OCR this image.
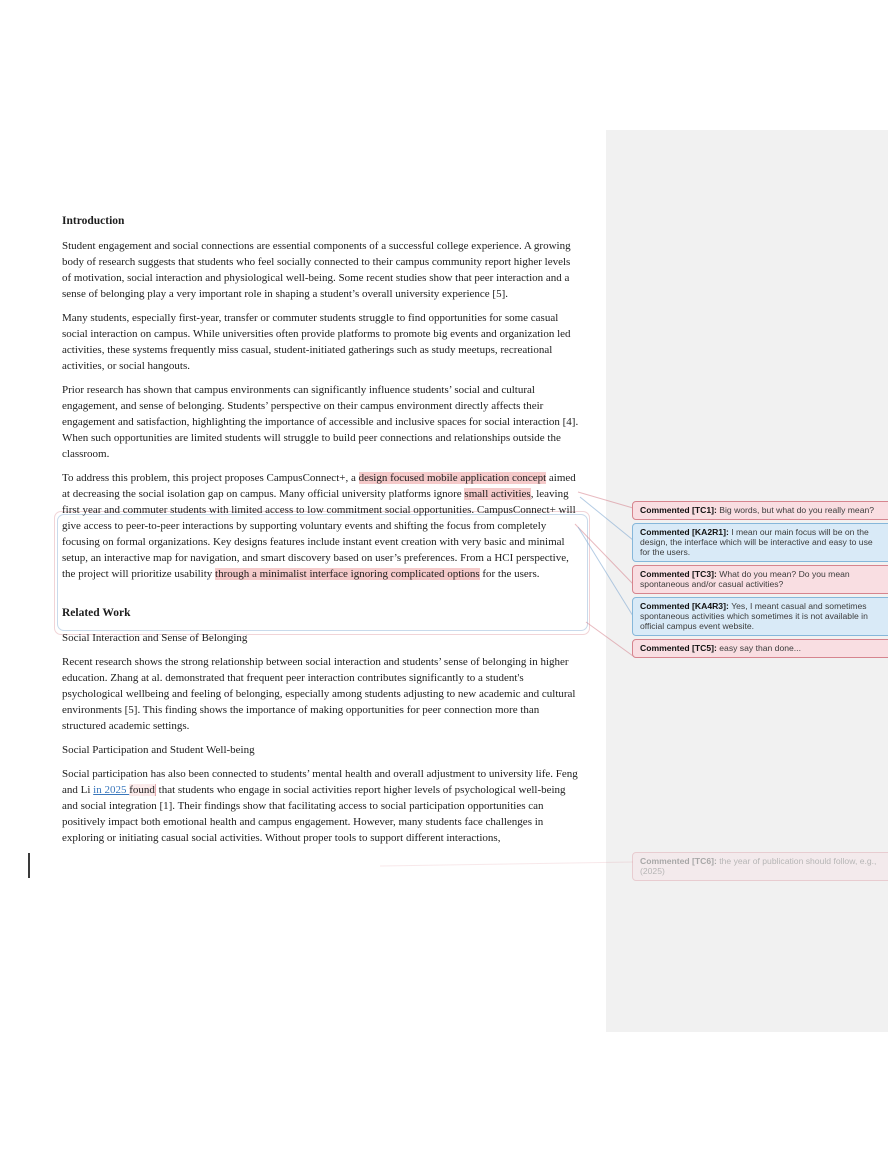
Introduction

Student engagement and social connections are essential components of a successful college experience. A growing body of research suggests that students who feel socially connected to their campus community report higher levels of motivation, social interaction and physiological well-being. Some recent studies show that peer interaction and a sense of belonging play a very important role in shaping a student’s overall university experience [5].

Many students, especially first-year, transfer or commuter students struggle to find opportunities for some casual social interaction on campus. While universities often provide platforms to promote big events and organization led activities, these systems frequently miss casual, student-initiated gatherings such as study meetups, recreational activities, or social hangouts.

Prior research has shown that campus environments can significantly influence students’ social and cultural engagement, and sense of belonging. Students’ perspective on their campus environment directly affects their engagement and satisfaction, highlighting the importance of accessible and inclusive spaces for social interaction [4]. When such opportunities are limited students will struggle to build peer connections and relationships outside the classroom.

To address this problem, this project proposes CampusConnect+, a design focused mobile application concept aimed at decreasing the social isolation gap on campus. Many official university platforms ignore small activities, leaving first year and commuter students with limited access to low commitment social opportunities. CampusConnect+ will give access to peer-to-peer interactions by supporting voluntary events and shifting the focus from completely focusing on formal organizations. Key designs features include instant event creation with very basic and minimal setup, an interactive map for navigation, and smart discovery based on user’s preferences. From a HCI perspective, the project will prioritize usability through a minimalist interface ignoring complicated options for the users.

Related Work

Social Interaction and Sense of Belonging

Recent research shows the strong relationship between social interaction and students’ sense of belonging in higher education. Zhang at al. demonstrated that frequent peer interaction contributes significantly to a student's psychological wellbeing and feeling of belonging, especially among students adjusting to new academic and cultural environments [5]. This finding shows the importance of making opportunities for peer connection more than structured academic settings.

Social Participation and Student Well-being

Social participation has also been connected to students’ mental health and overall adjustment to university life. Feng and Li in 2025 found that students who engage in social activities report higher levels of psychological well-being and social integration [1]. Their findings show that facilitating access to social participation opportunities can positively impact both emotional health and campus engagement. However, many students face challenges in exploring or initiating casual social activities. Without proper tools to support different interactions,

Commented [TC1]: Big words, but what do you really mean?
Commented [KA2R1]: I mean our main focus will be on the design, the interface which will be interactive and easy to use for the users.
Commented [TC3]: What do you mean? Do you mean spontaneous and/or casual activities?
Commented [KA4R3]: Yes, I meant casual and sometimes spontaneous activities which sometimes it is not available in official campus event website.
Commented [TC5]: easy say than done...
Commented [TC6]: the year of publication should follow, e.g., (2025)
